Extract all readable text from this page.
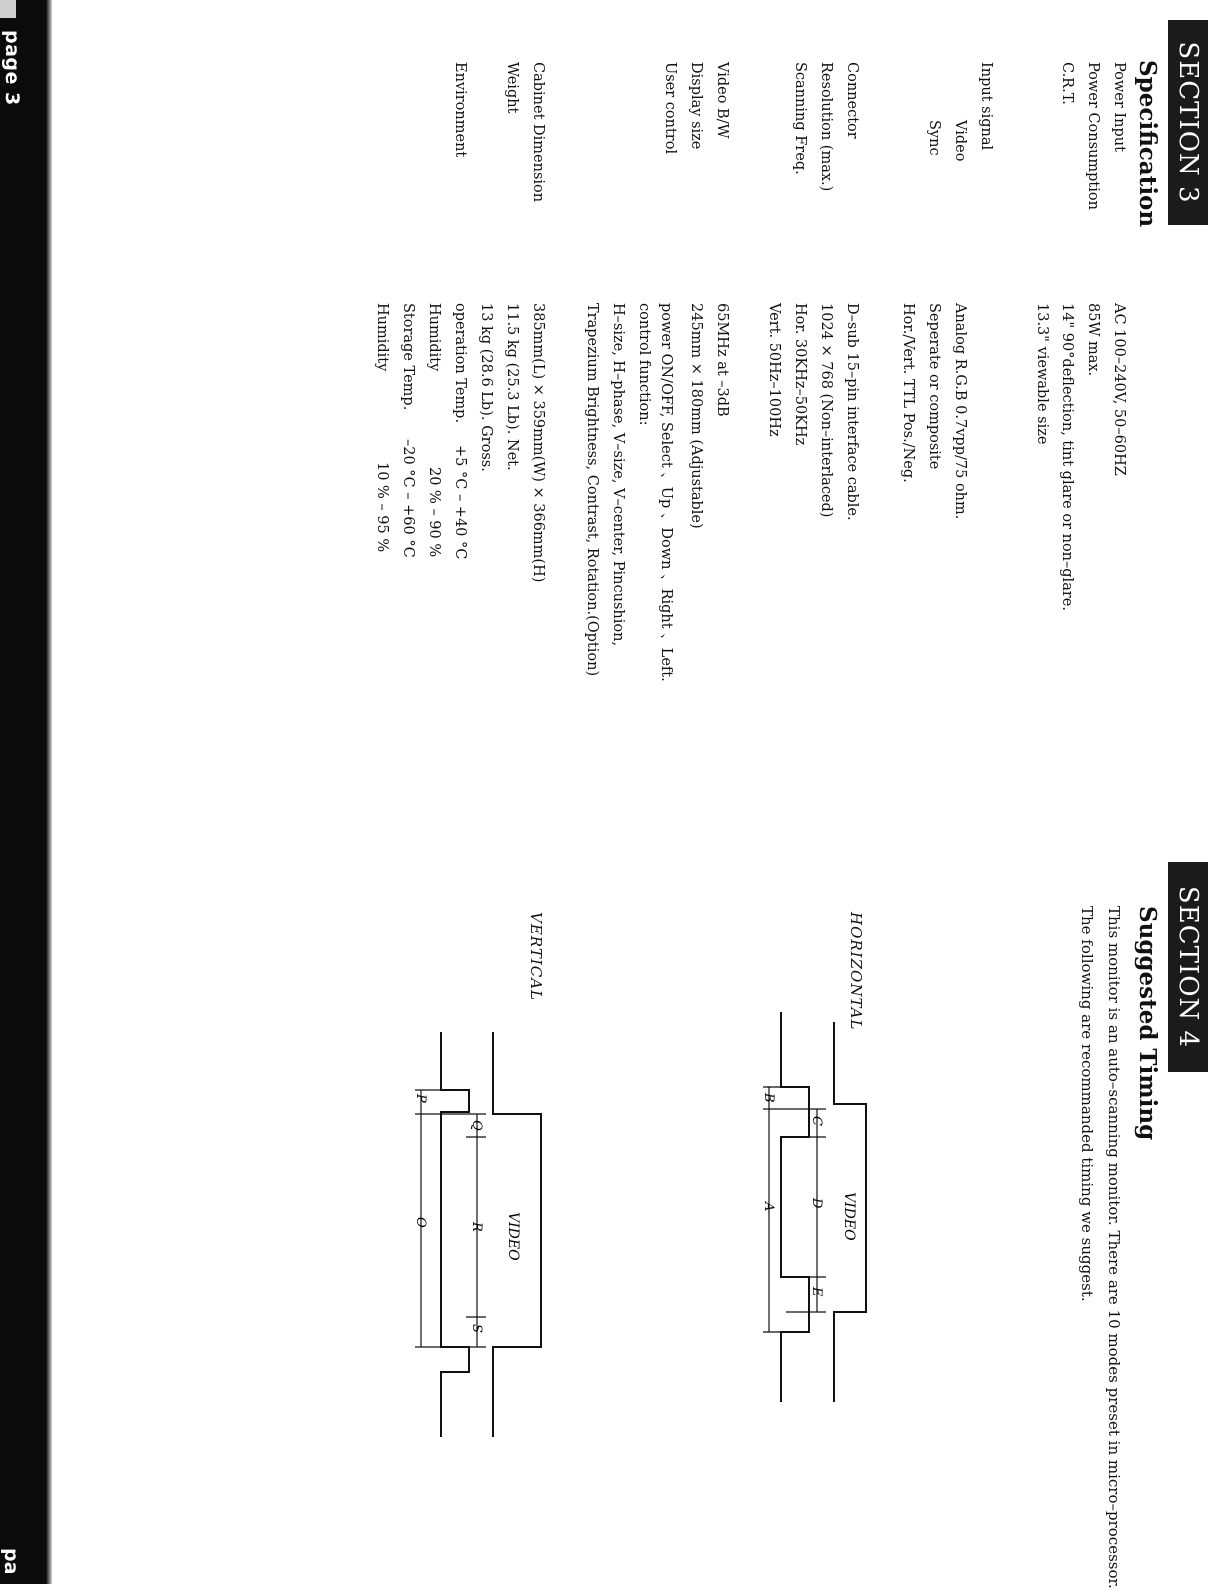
page 3
pa
SECTION 3
Specification
Power Input
AC 100–240V, 50–60HZ
Power Consumption
85W max.
C.R.T.
14" 90°deflection, tint glare or non–glare.
13.3" viewable size
Input signal
Video
Analog R.G.B 0.7vpp/75 ohm.
Sync
Seperate or composite
Hor./Vert. TTL Pos./Neg.
Connector
D–sub 15–pin interface cable.
Resolution (max.)
1024 × 768 (Non–interlaced)
Scanning Freq.
Hor. 30KHz–50KHz
Vert. 50Hz–100Hz
Video B/W
65MHz at –3dB
Display size
245mm × 180mm (Adjustable)
User control
power ON/OFF, Select 、Up 、Down 、Right 、Left.
control function:
H–size, H–phase, V–size, V–center, Pincushion,
Trapezium Brightness, Contrast, Rotation.(Option)
Cabinet Dimension
385mm(L) × 359mm(W) × 366mm(H)
Weight
11.5 kg (25.3 Lb). Net.
13 kg (28.6 Lb). Gross.
Environment
operation Temp.
Humidity
Storage Temp.
Humidity
+5 °C – +40 °C
20 % – 90 %
–20 °C – +60 °C
10 % – 95 %
SECTION 4
Suggested Timing
This monitor is an auto–scanning monitor. There are 10 modes preset in micro–processor. The following are recommanded timing we suggest.
HORIZONTAL
VERTICAL
VIDEO
A
B
C
D
E
VIDEO
O
P
Q
R
S
